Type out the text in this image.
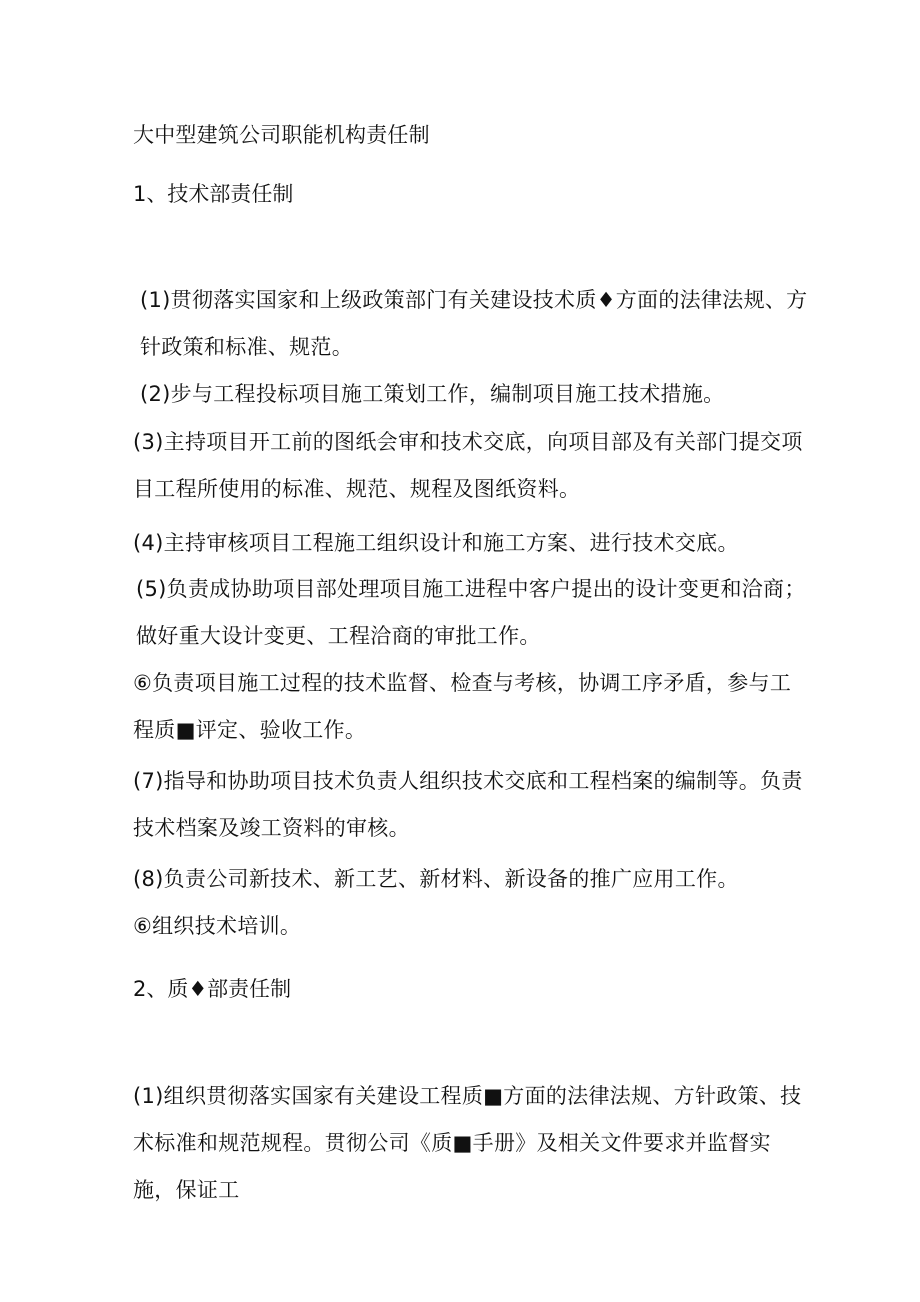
大中型建筑公司职能机构责任制
1、技术部责任制

(1)贯彻落实国家和上级政策部门有关建设技术质♦方面的法律法规、方针政策和标准、规范。

(2)步与工程投标项目施工策划工作，编制项目施工技术措施。

(3)主持项目开工前的图纸会审和技术交底，向项目部及有关部门提交项目工程所使用的标准、规范、规程及图纸资料。

(4)主持审核项目工程施工组织设计和施工方案、进行技术交底。

(5)负责成协助项目部处理项目施工进程中客户提出的设计变更和洽商；做好重大设计变更、工程洽商的审批工作。

⑥负责项目施工过程的技术监督、检查与考核，协调工序矛盾，参与工程质■评定、验收工作。

(7)指导和协助项目技术负责人组织技术交底和工程档案的编制等。负责技术档案及竣工资料的审核。

(8)负责公司新技术、新工艺、新材料、新设备的推广应用工作。

⑥组织技术培训。

2、质♦部责任制

(1)组织贯彻落实国家有关建设工程质■方面的法律法规、方针政策、技术标准和规范规程。贯彻公司《质■手册》及相关文件要求并监督实施，保证工
